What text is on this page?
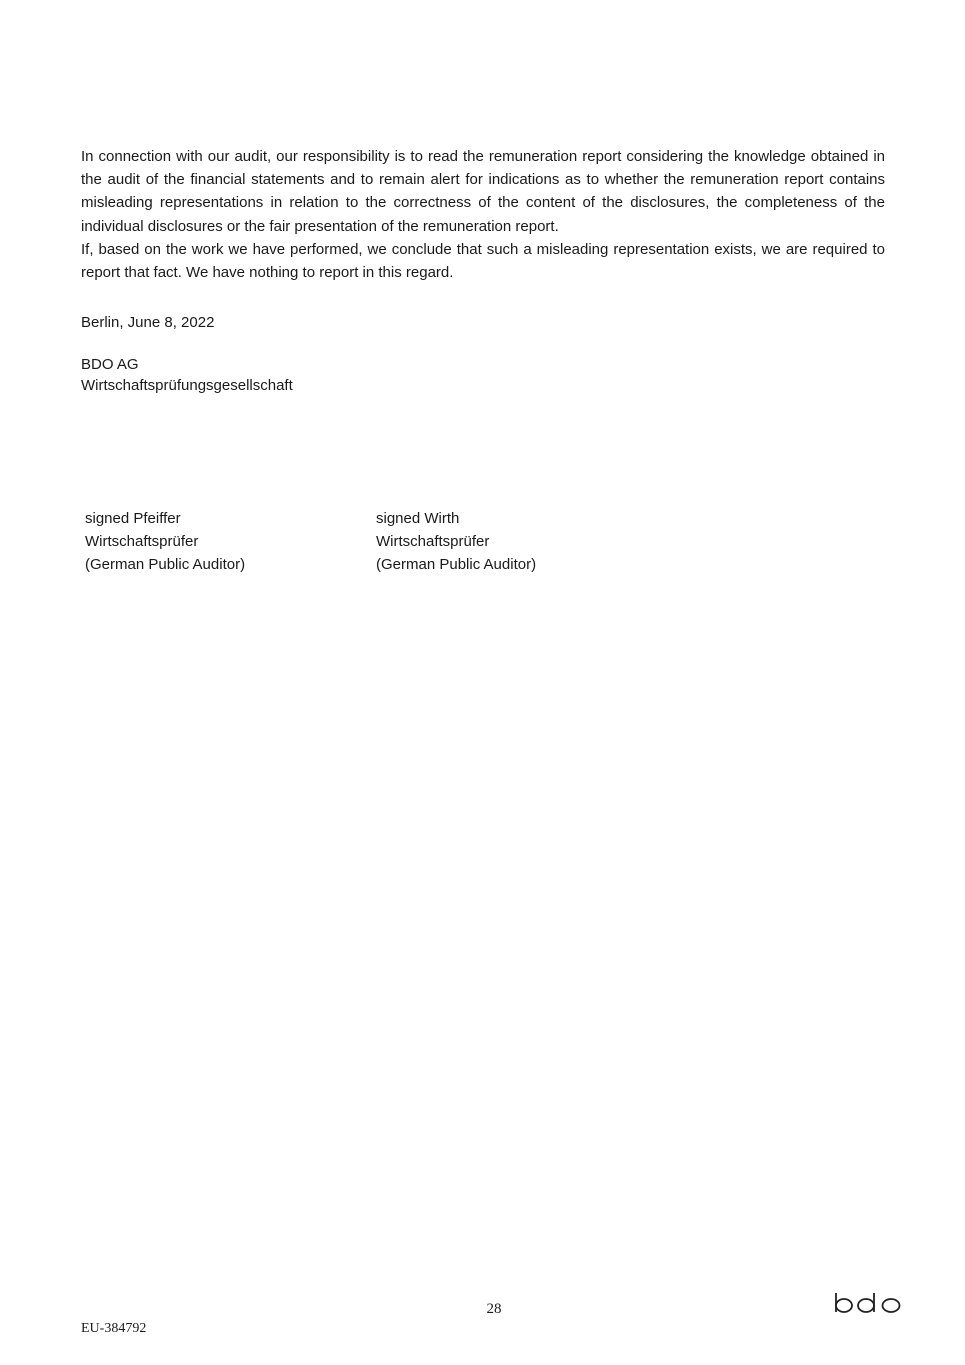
In connection with our audit, our responsibility is to read the remuneration report considering the knowledge obtained in the audit of the financial statements and to remain alert for indications as to whether the remuneration report contains misleading representations in relation to the correctness of the content of the disclosures, the completeness of the individual disclosures or the fair presentation of the remuneration report.

If, based on the work we have performed, we conclude that such a misleading representation exists, we are required to report that fact. We have nothing to report in this regard.

Berlin, June 8, 2022
BDO AG
Wirtschaftsprüfungsgesellschaft
signed Pfeiffer
Wirtschaftsprüfer
(German Public Auditor)
signed Wirth
Wirtschaftsprüfer
(German Public Auditor)
28
EU-384792
